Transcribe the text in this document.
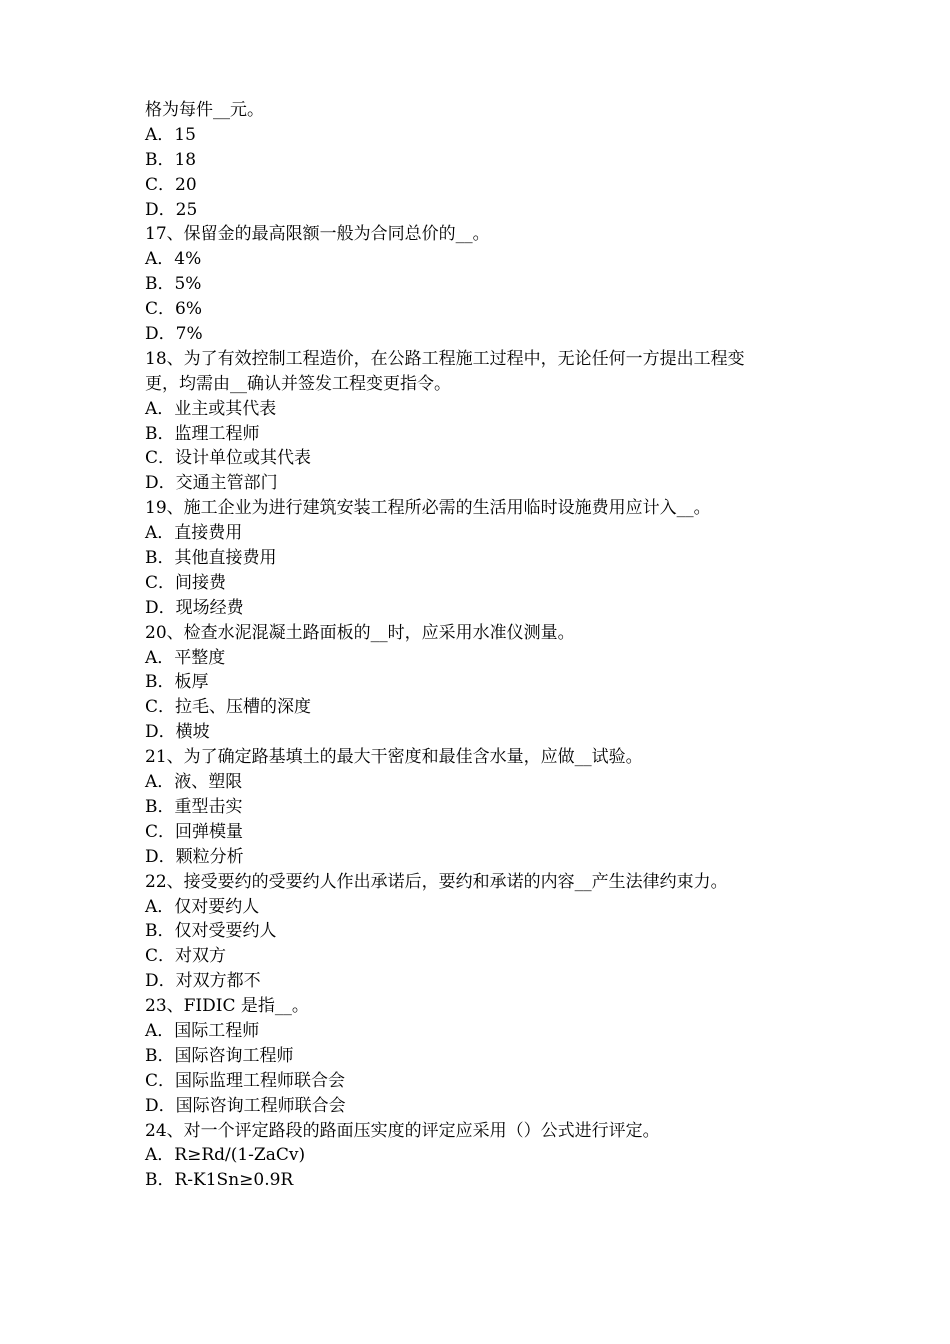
格为每件__元。
A．15
B．18
C．20
D．25
17、保留金的最高限额一般为合同总价的__。
A．4%
B．5%
C．6%
D．7%
18、为了有效控制工程造价，在公路工程施工过程中，无论任何一方提出工程变
更，均需由__确认并签发工程变更指令。
A．业主或其代表
B．监理工程师
C．设计单位或其代表
D．交通主管部门
19、施工企业为进行建筑安装工程所必需的生活用临时设施费用应计入__。
A．直接费用
B．其他直接费用
C．间接费
D．现场经费
20、检查水泥混凝土路面板的__时，应采用水准仪测量。
A．平整度
B．板厚
C．拉毛、压槽的深度
D．横坡
21、为了确定路基填土的最大干密度和最佳含水量，应做__试验。
A．液、塑限
B．重型击实
C．回弹模量
D．颗粒分析
22、接受要约的受要约人作出承诺后，要约和承诺的内容__产生法律约束力。
A．仅对要约人
B．仅对受要约人
C．对双方
D．对双方都不
23、FIDIC 是指__。
A．国际工程师
B．国际咨询工程师
C．国际监理工程师联合会
D．国际咨询工程师联合会
24、对一个评定路段的路面压实度的评定应采用（）公式进行评定。
A．R≥Rd/(1-ZaCv)
B．R-K1Sn≥0.9R
